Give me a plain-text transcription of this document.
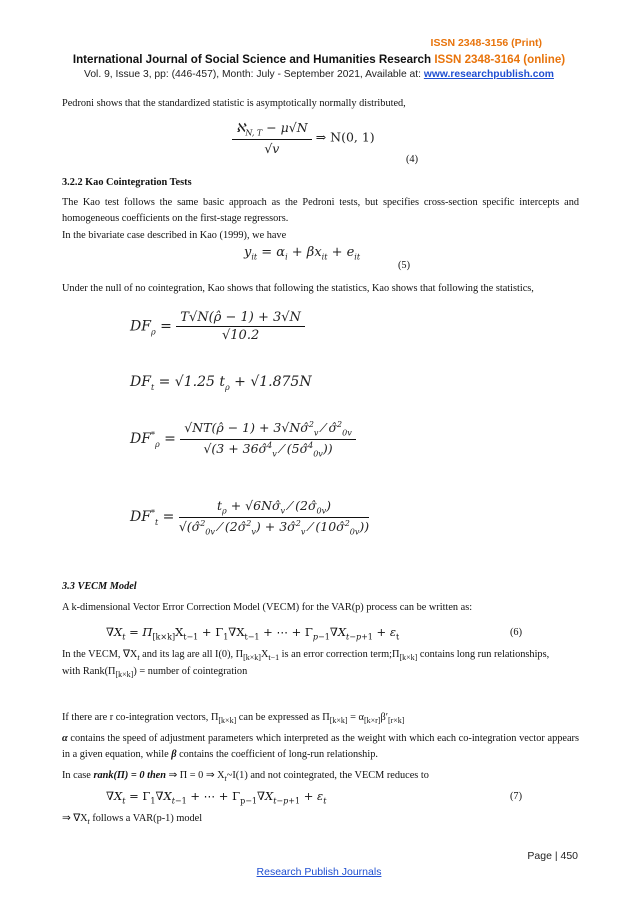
ISSN 2348-3156 (Print)
International Journal of Social Science and Humanities Research ISSN 2348-3164 (online)
Vol. 9, Issue 3, pp: (446-457), Month: July - September 2021, Available at: www.researchpublish.com
Pedroni shows that the standardized statistic is asymptotically normally distributed,
$\frac{ℵ_{N, T} - \mu√N}{√v}$ ⇒ N(0, 1)
(4)
3.2.2 Kao Cointegration Tests
The Kao test follows the same basic approach as the Pedroni tests, but specifies cross-section specific intercepts and homogeneous coefficients on the first-stage regressors.
In the bivariate case described in Kao (1999), we have
$y_{it} = \alpha_i + \beta x_{it} + e_{it}$
(5)
Under the null of no cointegration, Kao shows that following the statistics, Kao shows that following the statistics,
$DF_\rho = \frac{T√N(\rhô - 1) + 3√N}{√10.2}$
$DF_t = √1.25$ $t_\rho + √1.875N$
$DF^*_\rho = \frac{√NT(\rhô - 1) + 3√N\sigmâ^2_v ⁄ \sigmâ^2_{0v}}{√(3 + 36\sigmâ^4_v ⁄ (5\sigmâ^4_{0v}))}$
$DF^*_t = \frac{t_\rho + √6N\sigmâ_v ⁄ (2\sigmâ_{0v})}{√(\sigmâ^2_{0v} ⁄ (2\sigmâ^2_v) + 3\sigmâ^2_v ⁄ (10\sigmâ^2_{0v}))}$
3.3 VECM Model
A k-dimensional Vector Error Correction Model (VECM) for the VAR(p) process can be written as:
$\nabla X_t = \Pi_{[k\times k]}X_{t-1} + \Gamma_1\nabla X_{t-1}$ + ⋯ + $\Gamma_{p-1}\nabla X_{t-p+1} + \varepsilon_t$	(6)
In the VECM, $\nabla X_t$ and its lag are all I(0), $\Pi_{[k\times k]}X_{t-1}$ is an error correction $term;\Pi_{[k\times k]}$ contains long run relationships,
with $Rank(\Pi_{[k\times k]})$ = number of cointegration
If there are r co-integration vectors, $\Pi_{[k\times k]}$ can be expressed as $\Pi_{[k\times k]} = \alpha_{[k\times r]}\beta'_{[r\times k]}$
α contains the speed of adjustment parameters which interpreted as the weight with which each co-integration vector appears in a given equation, while β contains the coefficient of long-run relationship.
In case rank(Π) = 0 then ⇒ Π = 0 ⇒ $X_t\sim I(1)$ and not cointegrated, the VECM reduces to
$\nabla X_t = \Gamma_1\nabla X_{t-1}$ + ⋯ + $\Gamma_{p-1}\nabla X_{t-p+1} + \varepsilon_t$	(7)
⇒ $\nabla X_t$ follows a VAR(p-1) model
Page | 450
Research Publish Journals
